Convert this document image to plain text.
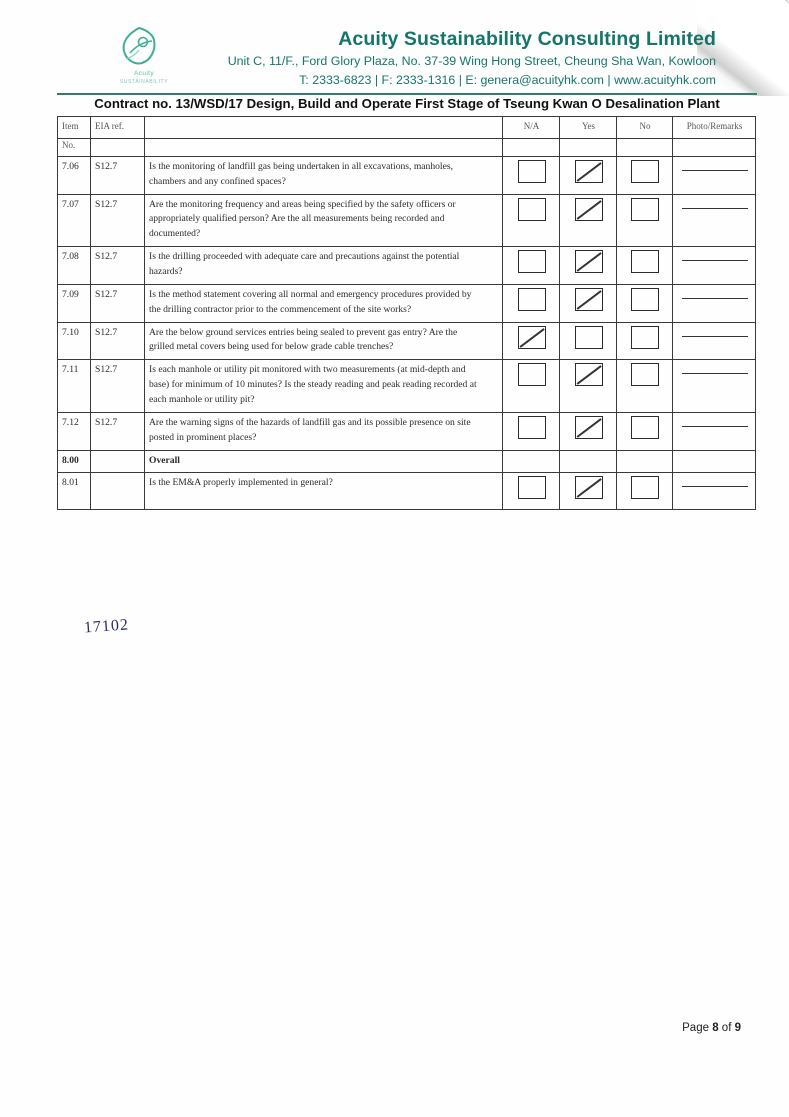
Acuity
SUSTAINABILITY
Acuity Sustainability Consulting Limited
Unit C, 11/F., Ford Glory Plaza, No. 37-39 Wing Hong Street, Cheung Sha Wan, Kowloon
T: 2333-6823 | F: 2333-1316 | E: genera@acuityhk.com | www.acuityhk.com
Contract no. 13/WSD/17 Design, Build and Operate First Stage of Tseung Kwan O Desalination Plant
Item	EIA ref.		N/A	Yes	No	Photo/Remarks
No.						
7.06	S12.7	Is the monitoring of landfill gas being undertaken in all excavations, manholes,
chambers and any confined spaces?				

7.07	S12.7	Are the monitoring frequency and areas being specified by the safety officers or
appropriately qualified person? Are the all measurements being recorded and
documented?				

7.08	S12.7	Is the drilling proceeded with adequate care and precautions against the potential
hazards?				

7.09	S12.7	Is the method statement covering all normal and emergency procedures provided by
the drilling contractor prior to the commencement of the site works?				

7.10	S12.7	Are the below ground services entries being sealed to prevent gas entry? Are the
grilled metal covers being used for below grade cable trenches?				

7.11	S12.7	Is each manhole or utility pit monitored with two measurements (at mid-depth and
base) for minimum of 10 minutes? Is the steady reading and peak reading recorded at
each manhole or utility pit?				

7.12	S12.7	Are the warning signs of the hazards of landfill gas and its possible presence on site
posted in prominent places?				

8.00		Overall				

8.01		Is the EM&A properly implemented in general?				

17102
Page 8 of 9
